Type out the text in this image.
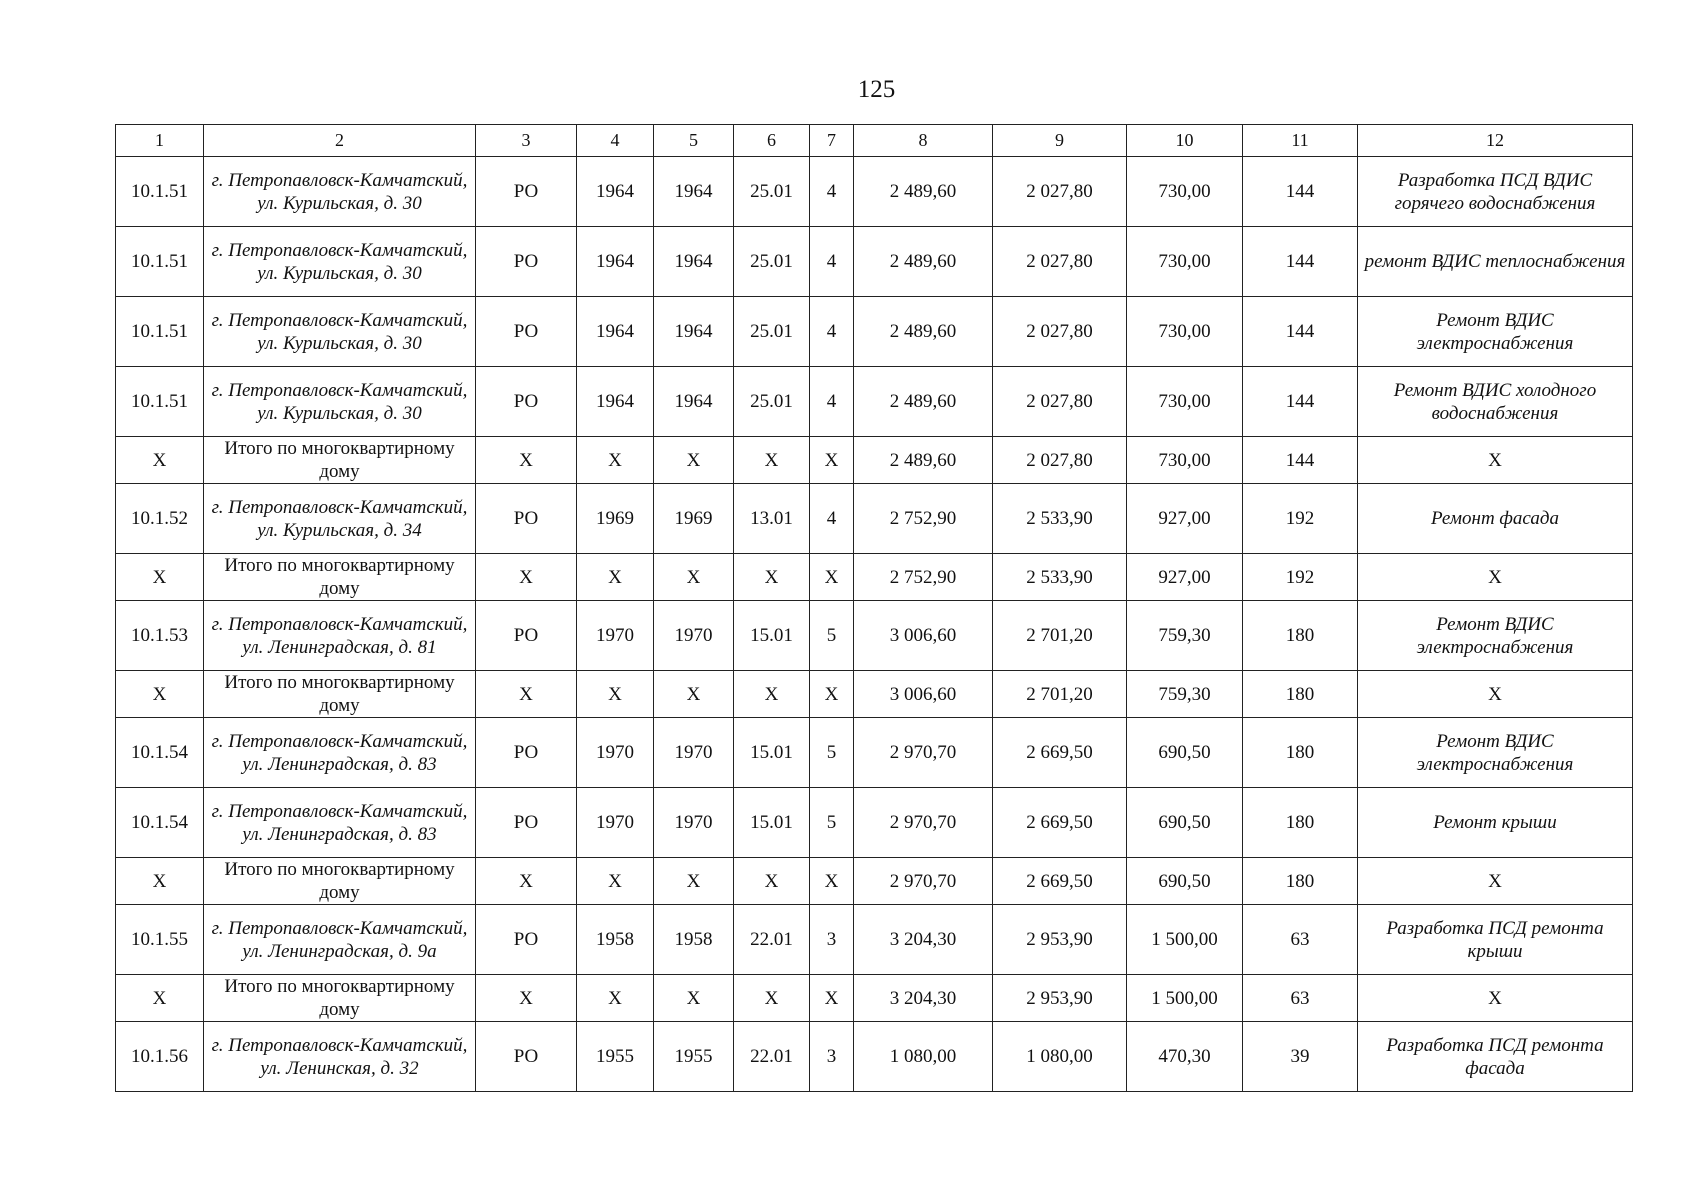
125
1	2	3	4	5	6	7	8	9	10	11	12
10.1.51	г. Петропавловск-Камчатский, ул. Курильская, д. 30	РО	1964	1964	25.01	4	2 489,60	2 027,80	730,00	144	Разработка ПСД ВДИС горячего водоснабжения
10.1.51	г. Петропавловск-Камчатский, ул. Курильская, д. 30	РО	1964	1964	25.01	4	2 489,60	2 027,80	730,00	144	ремонт ВДИС теплоснабжения
10.1.51	г. Петропавловск-Камчатский, ул. Курильская, д. 30	РО	1964	1964	25.01	4	2 489,60	2 027,80	730,00	144	Ремонт ВДИС электроснабжения
10.1.51	г. Петропавловск-Камчатский, ул. Курильская, д. 30	РО	1964	1964	25.01	4	2 489,60	2 027,80	730,00	144	Ремонт ВДИС холодного водоснабжения
Х	Итого по многоквартирному дому	Х	Х	Х	Х	Х	2 489,60	2 027,80	730,00	144	Х
10.1.52	г. Петропавловск-Камчатский, ул. Курильская, д. 34	РО	1969	1969	13.01	4	2 752,90	2 533,90	927,00	192	Ремонт фасада
Х	Итого по многоквартирному дому	Х	Х	Х	Х	Х	2 752,90	2 533,90	927,00	192	Х
10.1.53	г. Петропавловск-Камчатский, ул. Ленинградская, д. 81	РО	1970	1970	15.01	5	3 006,60	2 701,20	759,30	180	Ремонт ВДИС электроснабжения
Х	Итого по многоквартирному дому	Х	Х	Х	Х	Х	3 006,60	2 701,20	759,30	180	Х
10.1.54	г. Петропавловск-Камчатский, ул. Ленинградская, д. 83	РО	1970	1970	15.01	5	2 970,70	2 669,50	690,50	180	Ремонт ВДИС электроснабжения
10.1.54	г. Петропавловск-Камчатский, ул. Ленинградская, д. 83	РО	1970	1970	15.01	5	2 970,70	2 669,50	690,50	180	Ремонт крыши
Х	Итого по многоквартирному дому	Х	Х	Х	Х	Х	2 970,70	2 669,50	690,50	180	Х
10.1.55	г. Петропавловск-Камчатский, ул. Ленинградская, д. 9а	РО	1958	1958	22.01	3	3 204,30	2 953,90	1 500,00	63	Разработка ПСД ремонта крыши
Х	Итого по многоквартирному дому	Х	Х	Х	Х	Х	3 204,30	2 953,90	1 500,00	63	Х
10.1.56	г. Петропавловск-Камчатский, ул. Ленинская, д. 32	РО	1955	1955	22.01	3	1 080,00	1 080,00	470,30	39	Разработка ПСД ремонта фасада
